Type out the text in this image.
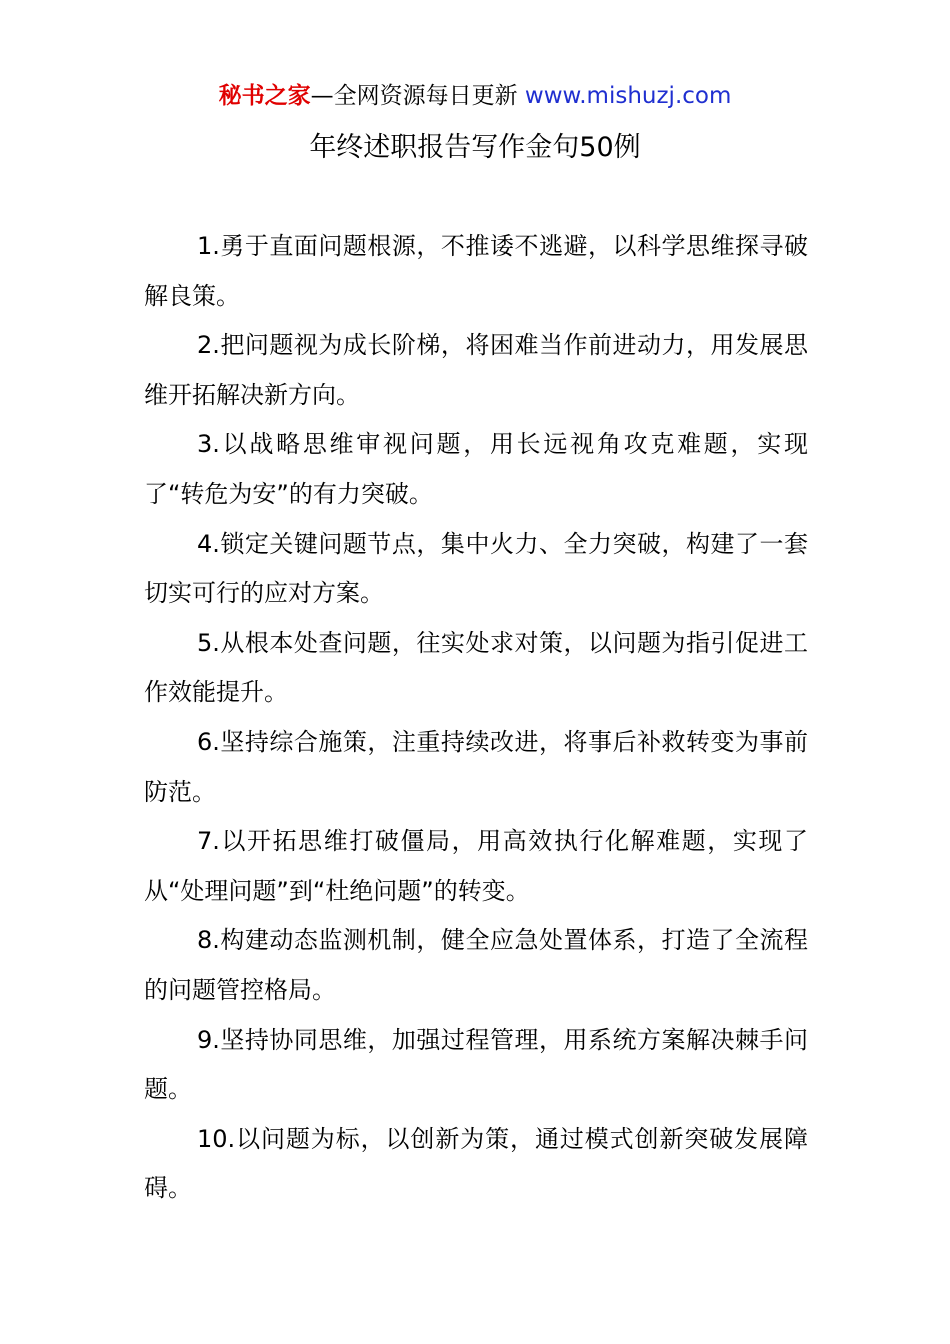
秘书之家—全网资源每日更新 www.mishuzj.com
年终述职报告写作金句50例

1.勇于直面问题根源，不推诿不逃避，以科学思维探寻破解良策。

2.把问题视为成长阶梯，将困难当作前进动力，用发展思维开拓解决新方向。

3.以战略思维审视问题，用长远视角攻克难题，实现了“转危为安”的有力突破。

4.锁定关键问题节点，集中火力、全力突破，构建了一套切实可行的应对方案。

5.从根本处查问题，往实处求对策，以问题为指引促进工作效能提升。

6.坚持综合施策，注重持续改进，将事后补救转变为事前防范。

7.以开拓思维打破僵局，用高效执行化解难题，实现了从“处理问题”到“杜绝问题”的转变。

8.构建动态监测机制，健全应急处置体系，打造了全流程的问题管控格局。

9.坚持协同思维，加强过程管理，用系统方案解决棘手问题。

10.以问题为标，以创新为策，通过模式创新突破发展障碍。
